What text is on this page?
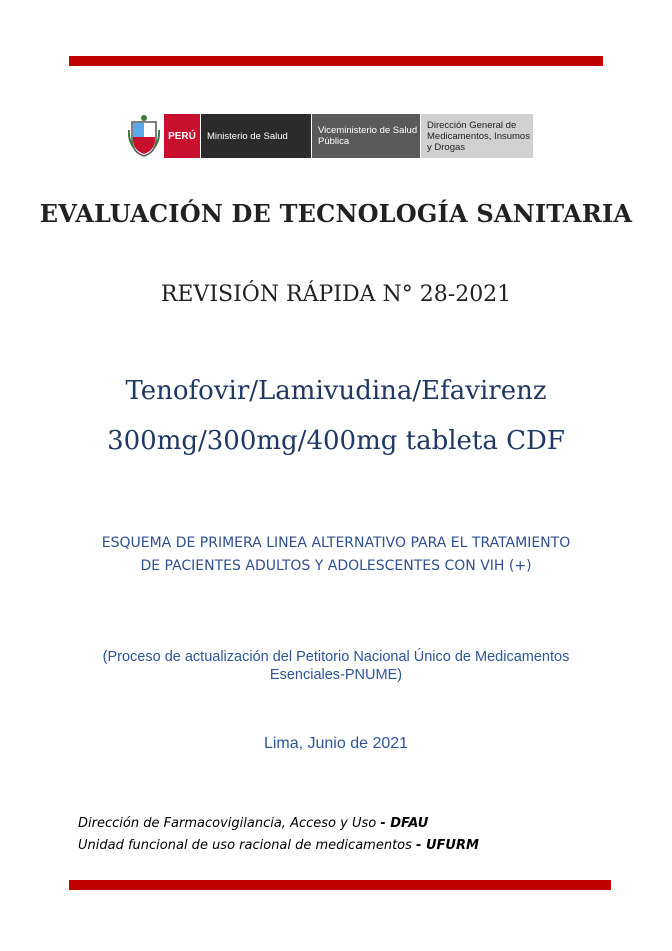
PERÚ	Ministerio de Salud	Viceministerio de Salud Pública
Dirección General de Medicamentos, Insumos y Drogas
EVALUACIÓN DE TECNOLOGÍA SANITARIA
REVISIÓN RÁPIDA N° 28-2021
Tenofovir/Lamivudina/Efavirenz
300mg/300mg/400mg tableta CDF
ESQUEMA DE PRIMERA LINEA ALTERNATIVO PARA EL TRATAMIENTO DE PACIENTES ADULTOS Y ADOLESCENTES CON VIH (+)
(Proceso de actualización del Petitorio Nacional Único de Medicamentos Esenciales-PNUME)
Lima, Junio de 2021
Dirección de Farmacovigilancia, Acceso y Uso - DFAU
Unidad funcional de uso racional de medicamentos - UFURM
